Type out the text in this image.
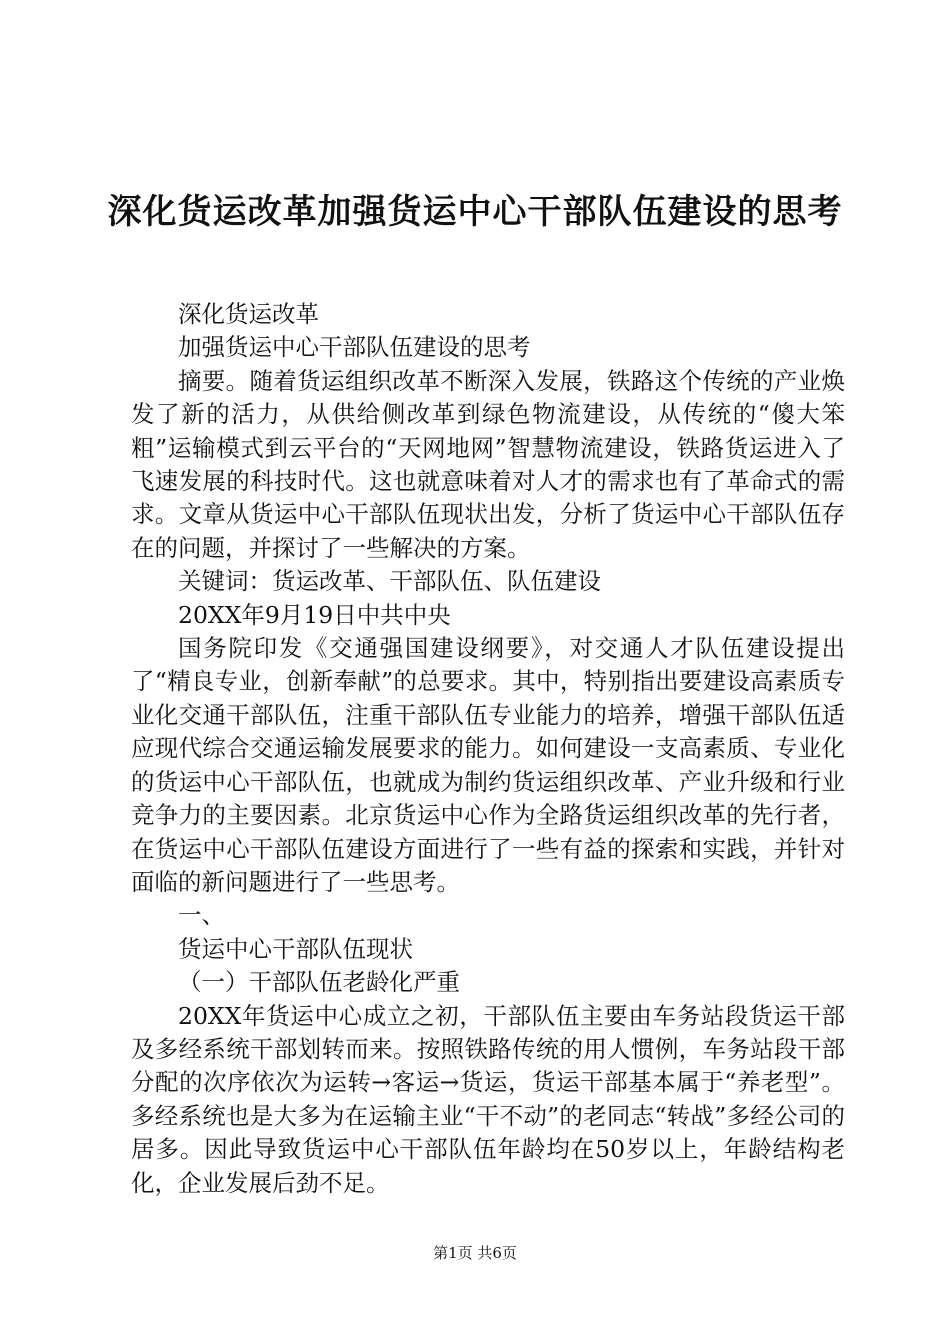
深化货运改革加强货运中心干部队伍建设的思考

深化货运改革

加强货运中心干部队伍建设的思考

摘要。随着货运组织改革不断深入发展，铁路这个传统的产业焕发了新的活力，从供给侧改革到绿色物流建设，从传统的“傻大笨粗”运输模式到云平台的“天网地网”智慧物流建设，铁路货运进入了飞速发展的科技时代。这也就意味着对人才的需求也有了革命式的需求。文章从货运中心干部队伍现状出发，分析了货运中心干部队伍存在的问题，并探讨了一些解决的方案。

关键词：货运改革、干部队伍、队伍建设

20XX年9月19日中共中央

国务院印发《交通强国建设纲要》，对交通人才队伍建设提出了“精良专业，创新奉献”的总要求。其中，特别指出要建设高素质专业化交通干部队伍，注重干部队伍专业能力的培养，增强干部队伍适应现代综合交通运输发展要求的能力。如何建设一支高素质、专业化的货运中心干部队伍，也就成为制约货运组织改革、产业升级和行业竞争力的主要因素。北京货运中心作为全路货运组织改革的先行者，在货运中心干部队伍建设方面进行了一些有益的探索和实践，并针对面临的新问题进行了一些思考。

一、

货运中心干部队伍现状

（一）干部队伍老龄化严重

20XX年货运中心成立之初，干部队伍主要由车务站段货运干部及多经系统干部划转而来。按照铁路传统的用人惯例，车务站段干部分配的次序依次为运转→客运→货运，货运干部基本属于“养老型”。多经系统也是大多为在运输主业“干不动”的老同志“转战”多经公司的居多。因此导致货运中心干部队伍年龄均在50岁以上，年龄结构老化，企业发展后劲不足。

第1页 共6页
